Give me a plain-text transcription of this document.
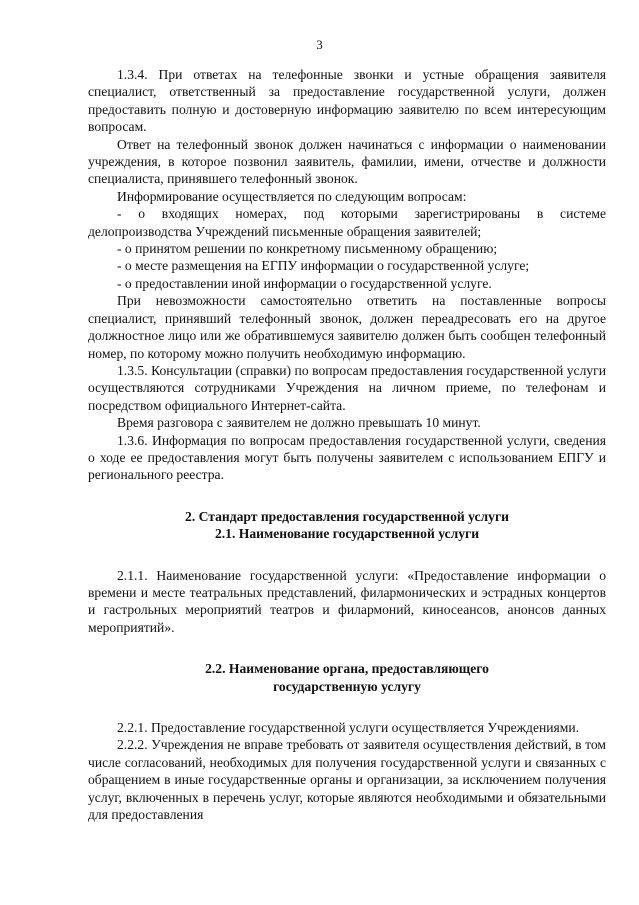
3

1.3.4. При ответах на телефонные звонки и устные обращения заявителя специалист, ответственный за предоставление государственной услуги, должен предоставить полную и достоверную информацию заявителю по всем интересующим вопросам.

Ответ на телефонный звонок должен начинаться с информации о наименовании учреждения, в которое позвонил заявитель, фамилии, имени, отчестве и должности специалиста, принявшего телефонный звонок.

Информирование осуществляется по следующим вопросам:

- о входящих номерах, под которыми зарегистрированы в системе делопроизводства Учреждений письменные обращения заявителей;

- о принятом решении по конкретному письменному обращению;

- о месте размещения на ЕГПУ информации о государственной услуге;

- о предоставлении иной информации о государственной услуге.

При невозможности самостоятельно ответить на поставленные вопросы специалист, принявший телефонный звонок, должен переадресовать его на другое должностное лицо или же обратившемуся заявителю должен быть сообщен телефонный номер, по которому можно получить необходимую информацию.

1.3.5. Консультации (справки) по вопросам предоставления государственной услуги осуществляются сотрудниками Учреждения на личном приеме, по телефонам и посредством официального Интернет-сайта.

Время разговора с заявителем не должно превышать 10 минут.

1.3.6. Информация по вопросам предоставления государственной услуги, сведения о ходе ее предоставления могут быть получены заявителем с использованием ЕПГУ и регионального реестра.

2. Стандарт предоставления государственной услуги

2.1. Наименование государственной услуги

2.1.1. Наименование государственной услуги: «Предоставление информации о времени и месте театральных представлений, филармонических и эстрадных концертов и гастрольных мероприятий театров и филармоний, киносеансов, анонсов данных мероприятий».

2.2. Наименование органа, предоставляющего

государственную услугу

2.2.1. Предоставление государственной услуги осуществляется Учреждениями.

2.2.2. Учреждения не вправе требовать от заявителя осуществления действий, в том числе согласований, необходимых для получения государственной услуги и связанных с обращением в иные государственные органы и организации, за исключением получения услуг, включенных в перечень услуг, которые являются необходимыми и обязательными для предоставления
